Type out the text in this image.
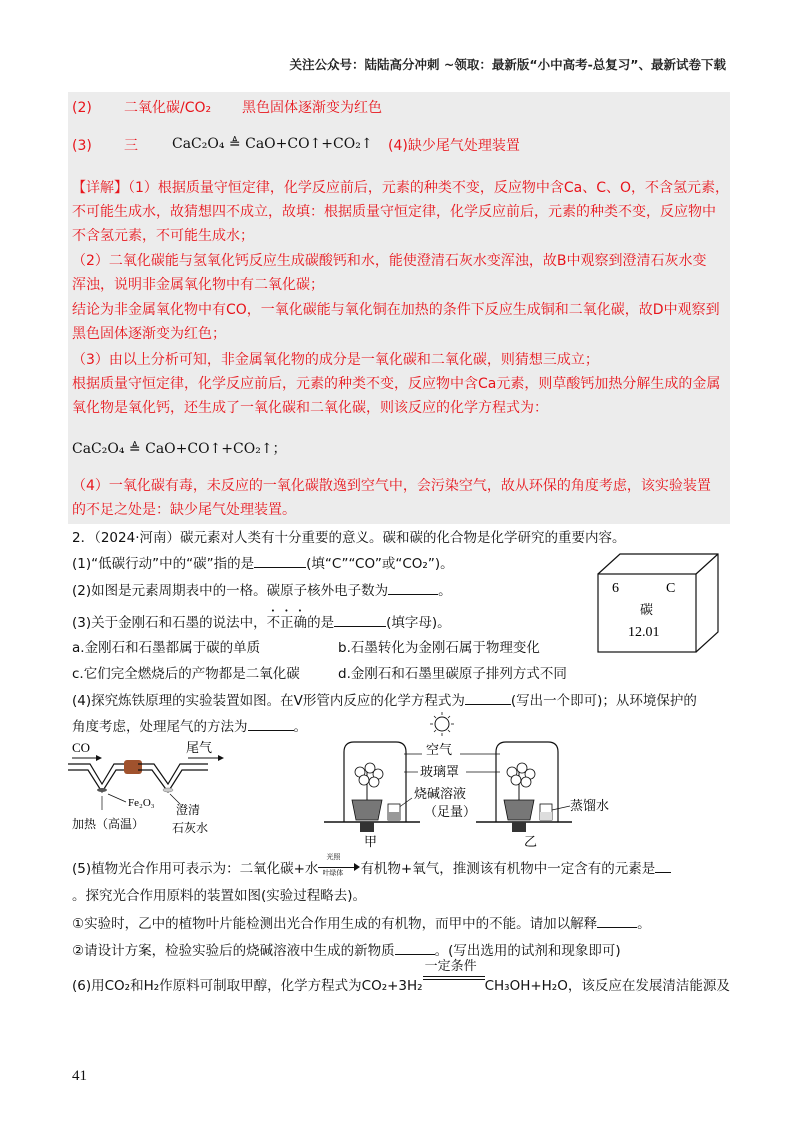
关注公众号：陆陆高分冲刺 ~领取：最新版“小中高考-总复习”、最新试卷下载
(2) 二氧化碳/CO₂ 黑色固体逐渐变为红色
(3) 三 CaC₂O₄ ≜ CaO+CO↑+CO₂↑ (4)缺少尾气处理装置
【详解】（1）根据质量守恒定律，化学反应前后，元素的种类不变，反应物中含Ca、C、O，不含氢元素，
不可能生成水，故猜想四不成立，故填：根据质量守恒定律，化学反应前后，元素的种类不变，反应物中
不含氢元素，不可能生成水；
（2）二氧化碳能与氢氧化钙反应生成碳酸钙和水，能使澄清石灰水变浑浊，故B中观察到澄清石灰水变
浑浊，说明非金属氧化物中有二氧化碳；
结论为非金属氧化物中有CO，一氧化碳能与氧化铜在加热的条件下反应生成铜和二氧化碳，故D中观察到
黑色固体逐渐变为红色；
（3）由以上分析可知，非金属氧化物的成分是一氧化碳和二氧化碳，则猜想三成立；
根据质量守恒定律，化学反应前后，元素的种类不变，反应物中含Ca元素，则草酸钙加热分解生成的金属
氧化物是氧化钙，还生成了一氧化碳和二氧化碳，则该反应的化学方程式为：
CaC₂O₄ ≜ CaO+CO↑+CO₂↑；
（4）一氧化碳有毒，未反应的一氧化碳散逸到空气中，会污染空气，故从环保的角度考虑，该实验装置
的不足之处是：缺少尾气处理装置。
2．（2024·河南）碳元素对人类有十分重要的意义。碳和碳的化合物是化学研究的重要内容。
(1)“低碳行动”中的“碳”指的是	(填“C”“CO”或“CO₂”)。
(2)如图是元素周期表中的一格。碳原子核外电子数为	。
(3)关于金刚石和石墨的说法中，不正确的是	(填字母)。
a.金刚石和石墨都属于碳的单质	b.石墨转化为金刚石属于物理变化
c.它们完全燃烧后的产物都是二氧化碳	d.金刚石和石墨里碳原子排列方式不同
(4)探究炼铁原理的实验装置如图。在V形管内反应的化学方程式为	(写出一个即可)；从环境保护的
角度考虑，处理尾气的方法为	。
6	C
碳
12.01
CO	尾气
Fe₂O₃ 澄清
石灰水
加热（高温）
空气
玻璃罩
烧碱溶液
（足量）
甲
蒸馏水
乙
(5)植物光合作用可表示为：二氧化碳+水
光照
叶绿体 有机物+氧气，推测该有机物中一定含有的元素是
。探究光合作用原料的装置如图(实验过程略去)。
①实验时，乙中的植物叶片能检测出光合作用生成的有机物，而甲中的不能。请加以解释	。
②请设计方案，检验实验后的烧碱溶液中生成的新物质	。(写出选用的试剂和现象即可)
(6)用CO₂和H₂作原料可制取甲醇，化学方程式为CO₂+3H₂
一定条件
CH₃OH+H₂O，该反应在发展清洁能源及
41
